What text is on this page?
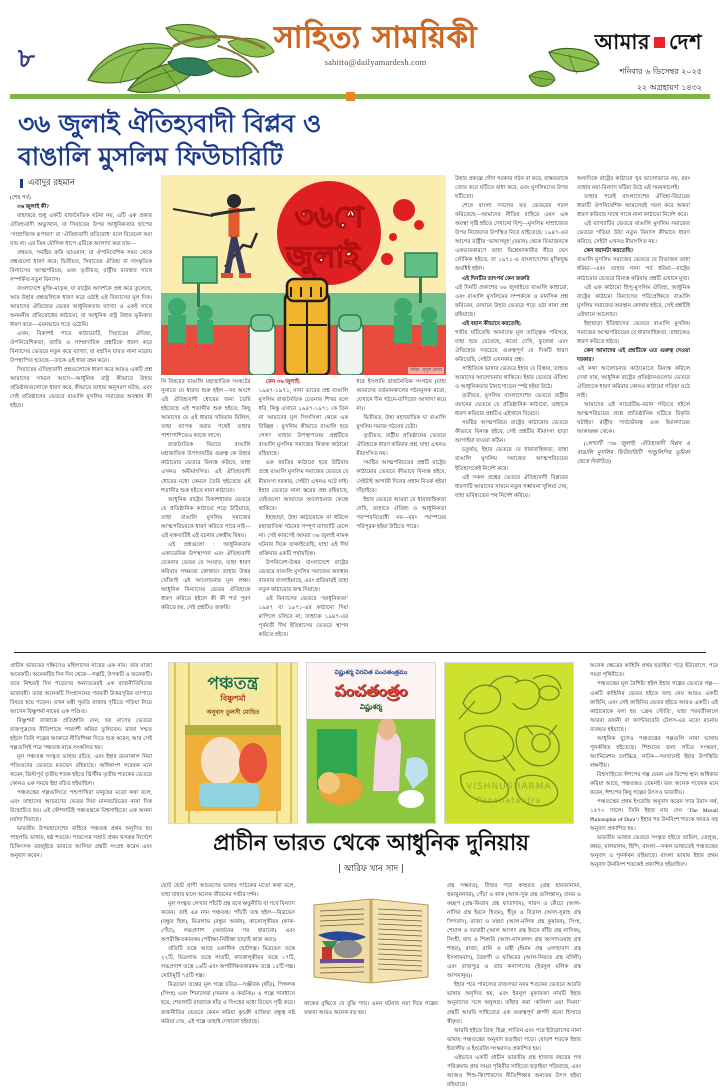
৮
সাহিত্য সাময়িকী
sahitto@dailyamardesh.com
আমার দেশ
শনিবার ৬ ডিসেম্বর ২০২৫
২২ অগ্রহায়ণ ১৪৩২
৩৬ জুলাই ঐতিহ্যবাদী বিপ্লব ও
বাঙালি মুসলিম ফিউচারিটি
এবাদুর রহমান

(শেষ পর্ব)

৩৬ জুলাই কী?

বাহাত্তরে শুধু একটি রাজনৈতিক ঘটনা নয়, এটি এক প্রকার ঐতিহ্যবাদী অভ্যুত্থান, যা সিরাতের উপর আধুনিকতার ছাপের ‘সাম্রাজ্যিক রূপায়ণ’ বা ‘ঐতিহ্যবাদী প্রতিরোধ’ বলে বিবেচনা করা যায় না। এর তিন মৌলিক ধাপে এটিকে আলাদা করা যায়—

প্রথমত, সমষ্টির ক্রমি ভাওয়ান, যা ঔপনিবেশিক সময় থেকে প্রশ্নগুলো ধারণ করে; দ্বিতীয়ত, সিরাতের ঐতিহ্য বা সাংস্কৃতিক বিন্যাসের আত্মপরিচয়; এবং তৃতীয়ত, রাষ্ট্রীয় ব্যবস্থার সাথে সম্পর্কিত নতুন বিন্যাস।

বাংলাদেশে মুক্তি-মাতৃক, যা রাষ্ট্রের আদর্শকে প্রশ্ন করে তুলেছে, আর উহার প্রশ্নগুলিকে ধারণ করে ওঠাই এই বিন্যাসের মূল দিক। আমাদের ঐতিহ্যের ভেতর আধুনিকতার ব্যাখ্যা ও একই সাথে অনমনীয় প্রতিরোধের কাঠামো, যা আধুনিক রাষ্ট্র উহার ভূমিকায় ধারণ করে—এমনভাবে গড়ে ওঠেনি।

এখন, বিকাশই পাবে কাঠামোটি, সিরাতের ঐতিহ্য, ঔপনিবেশিকতা, জাতি ও সাম্প্রদায়িক প্রশ্নটিকে ধারণ করে বিন্যাসের ভেতরে নতুন করে ব্যাখ্যা, যা বহুদিন যাবত নানা মাত্রায় উপস্থাপিত হয়েছে—তাকে এই ধারা বহন করে।

সিরাতের ঐতিহ্যবাদী প্রশ্নগুলোকে ধারণ করে আরও একটি প্রশ্ন আমাদের সামনে আসে—আধুনিক রাষ্ট্র কীভাবে উহার প্রতিষ্ঠানগুলোকে ধারণ করে, কীভাবে তাহার অনুসরণ ঘটায়, এবং সেই প্রতিষ্ঠানের ভেতরে বাঙালি মুসলিম সমাজের অবস্থান কী হইবে।

৩৬শে
জুলাই
আঁকা : মৃদুল রেজা

নি বিষয়ের বাঙালি মহাজাতিক সংকটের সুনাতে যে ধারাব শুরু হইল—সব অংশে এই ঐতিহ্যবাদী ধোরের জন্য তৈরি হইতেছে এই শতাব্দীর শুরু হইতে; কিছু আমাদের যে এই ধারার খতিয়ান মিলিল, তাহা ব্যাপক করার পথেই তাহার পাশাপাশিতেও কাজে লাগে।

রাজনৈতিক বিচারে বাঙালি মহাজাতিক উপাদানটির গুরুত্ব কে উহার কাঠামোর ভেতরে বিন্যস্ত করিবে, তাহা এখনও অমীমাংসিত। এই ঐতিহ্যবাদী ধোরের মধ্যে কেমনে তৈরি হইতেছে এই শতাব্দীর শুরু হইতে নানা কাঠামো।

আধুনিক রাষ্ট্রের বিকাশধারার ভেতরে যে প্রতিষ্ঠানিক কাঠামো গড়ে উঠিয়াছে, তাহা বাঙালি মুসলিম সমাজের আত্মপরিচয়কে ধারণ করিতে পারে নাই—এই বক্তব্যটিই এই রচনার কেন্দ্রীয় বিষয়।

এই প্রশ্নগুলো : আধুনিকতার একাডেমিক উপস্থাপনা এবং ঐতিহ্যবাদী চেতনার ভেতর যে সংঘাত, তাহা ধারণ করিবার সক্ষমতা কোথায়? তাহার উত্তর খোঁজাই এই আলোচনার মূল লক্ষ্য। আধুনিক বিন্যাসের ভেতর ঐতিহ্যকে ধারণ করিতে হইলে কী কী শর্ত পূরণ করিতে হয়, সেই প্রশ্নটিও জরুরি।

কেন ৩৬ জুলাই:

১৯৪৭-১৯৭১, নানা ভাবের প্রশ্ন বাঙালি মুসলিম রাজনৈতিক চেতনার শিখর বলে ধরি, কিন্তু এখানে ১৯৪৭-১৯৭১ কে তিন না আমাদের মূল সিলসিলা থেকে এক বিচ্ছিন্ন : মুসলিম কীভাবে বাঙালি হয়ে গেল? তাহার উপস্থাপনের প্রশ্নটিতে বাঙালি মুসলিম সমাজের নিজস্ব কাঠামো রহিয়াছে।

এক জাতির কাঠামো হয়ে উঠিবার প্রশ্নে বাঙালি মুসলিম সমাজের ভেতরে যে মীমাংসা দরকার, সেইটা এখনও ঘটে নাই। ইহার ভেতরে নানা স্তরের প্রশ্ন রহিয়াছে, যেইগুলো আমাদের আলোচনার কেন্দ্রে থাকিবে।

ইহাছাড়া, উহা কাঠামোকে না ধরিলে মহাজাতিক গঠনের সম্পূর্ণ ব্যাখ্যাটি মেলে না। সেই কারণেই আমরা ৩৬ জুলাই নামক ঘটনার দিকে তাকাইতেছি, যাহা এই দীর্ঘ প্রক্রিয়ার একটি পর্যায়চিহ্ন।

উপনিবেশ-উত্তর বাংলাদেশে রাষ্ট্রের ভেতরে বাঙালি মুসলিম সমাজের অবস্থান বারবার বদলাইয়াছে, এবং প্রতিবারই তাহা নতুন কাঠামোর জন্ম দিয়াছে।

এই বিন্যাসের ভেতরে ‘আধুনিকতা’ ১৯৪৭ বা ১৯৭১-এর কাঠামো দিয়া মাপিলে চলিবে না; তাহাকে ১৯৪৭-এর পূর্ববর্তী দীর্ঘ ইতিহাসের ভেতরে স্থাপন করিতে হইবে।

ধরে ইসলামি রাজনৈতিক সংগঠন (যাহা আমাদের বর্তমানকালের গঠনমূলক মতো, যেখানে দীন গঠনে-বাণিজ্যে আলাদা করে না)।

দ্বিতীয়ত, উহা মহাজাতিক যা বাঙালি মুসলিম সমাজ গঠনের চেষ্টা।

তৃতীয়ত, রাষ্ট্রীয় প্রতিষ্ঠানের ভেতরে ঐতিহ্যকে ধারণ করিবার প্রশ্ন, যাহা এখনও মীমাংসিত নয়।

সমষ্টির আত্মপরিচয়ের প্রশ্নটি রাষ্ট্রের কাঠামোর ভেতরে কীভাবে বিন্যস্ত হইবে, সেইটাই আগামী দিনের প্রধান বিতর্ক হইয়া দাঁড়াইবে।

ইহার ভেতরে আমরা যে ধারাবাহিকতা দেখি, তাহাতে ঐতিহ্য ও আধুনিকতা পরস্পরবিরোধী নয়—বরং পরস্পরের পরিপূরক হইয়া উঠিতে পারে।

উহার প্রকল্পে গৌণ সরকার গঠন বা করে, বাস্তবতাকে জোর করে ঘটিতে বাধা করে; এবং মুসলিমদের উপর ঘটিতো।

শেষে বাংলা দখলের মত ভেতরের সরল করিতেছে—আমাদের নীতির বাহিরে এমন এক অবস্থা সৃষ্টি হইতে দেখানো বিন্দু—মুসলিম সাম্রাজ্যের উপর নিজেদের উপস্থিত নিয়ে যাইতেছে/ ১৯৪৭-এর আগের রাষ্ট্রীয় ‘ভাষ্যসমূহ’ (বয়ান) থেকে বিভাজনকে একভাবকারণে তাহা বিশ্লেষণকারীর ধীরে ভেদ লৌকিক হইতে, যা ১৯৭১-এ বাংলাদেশের মুক্তিযুদ্ধ অবধিই হইল।

এই দিনটির তাৎপর্য কেন জরুরি

এই দিনটি প্রকাশের ৩৬ জুলাইতে বাঙালি কাহারো, এবং বাঙালি মুসলিমের সম্পর্ককে ও মানসিক প্রশ্ন করিবেন, যেখানে উহার ভেতরে গড়ে ওঠা নানা প্রশ্ন রহিয়াছে।

এই বয়ান কীভাবে করতেছি:

গভীর ঘটিতেছি আমাদের মূল তাত্ত্বিক পরিসরে, যাহা হয়ে যেতেছে, কতো দেখি, ফুলেরা এবং ঐতিহ্যের সবচেয়ে গুরুত্বপূর্ণ যে দিকটি ধারণ করিতেছি, সেইটা এখনকার প্রশ্ন।

সাহিত্যিক ভাষার ভেতরে ইহার যে বিস্তার, তাহাও আমাদের আলোচনায় থাকিবে। ইহার ভেতরে ঐতিহ্য ও আধুনিকতার টানাপোড়েন স্পষ্ট হইয়া উঠে।

তৃতীয়ত, মুসলিম বাংলাদেশের ভেতরে রাষ্ট্রীয় বয়ানের ভেতরে যে প্রতিষ্ঠানিক কাঠামো, তাহাকে ধারণ করিবার প্রশ্নটিও এইখানে বিবেচ্য।

সমষ্টির আত্মপরিচয় রাষ্ট্রের কাঠামোর ভেতরে কীভাবে বিন্যস্ত হইবে, সেই প্রশ্নটির মীমাংসা ছাড়া আগাইয়া যাওয়া কঠিন।

চতুর্থত, ইহার ভেতরে যে ধারাবাহিকতা, তাহা বাঙালি মুসলিম সমাজের আত্মপরিচয়ের ইতিহাসকেই নির্দেশ করে।

এই সকল প্রশ্নের ভেতরে ঐতিহ্যবাদী বিপ্লবের ধারণাটি আমাদের সামনে নতুন সম্ভাবনা খুলিয়া দেয়, যাহা ভবিষ্যতের পথ নির্দেশ করিবে।

অন্যদিকে রাষ্ট্রের কাঠামো খুব ভালোভাবে নয়, বরং তাহার নয়া-বিন্যাস ঘটিয়া উঠে এই সময়কালেই।

তাহার পরেই বাংলাদেশের ঐতিহ্য-বিচারের ধারাটি ঔপনিবেশিক আমলেরই সরল করে অথবা ধারণ করিবার সাথে সাথে নানা কাঠামো নির্দেশ করে।

এই ব্যাখ্যাটির ভেতরে বাঙালি মুসলিম সমাজের ভেতরে গড়িয়া উঠা নতুন বিন্যাস কীভাবে ধারণ করিবে, সেইটা এখনও মীমাংসিত নয়।

কেন বয়ানটা করতেছি?

বাঙালি মুসলিম সমাজের ভেতরে যে বিভাজন তাহা ধরিয়া—এবং তাহার নানা পর্ব ধরিয়া—রাষ্ট্রের কাঠামোর ভেতরে বিন্যস্ত করিবার প্রশ্নটি এখানে মুখ্য।

এই এক কাঠামো হিন্দু-মুসলিম ঐতিহ্য, আধুনিক রাষ্ট্রের কাঠামো বিন্যাসের পরিপ্রেক্ষিতে বাঙালি মুসলিম সমাজের অবস্থান কোথায় হইবে, সেই প্রশ্নটিই এইখানে আলোচ্য।

ইহাছাড়া ইতিহাসের ভেতরে বাঙালি মুসলিম সমাজের আত্মপরিচয়ের যে ধারাবাহিকতা, তাহাকেও ধারণ করিতে হইবে।

কেন আমাদের এই প্রশ্নটিকে এত গুরুত্ব দেওয়া দরকার?

এই কথা আলোচনার কাঠামোতে বিন্যস্ত করিলে দেখা যায়, আধুনিক রাষ্ট্রের প্রতিষ্ঠানগুলোর ভেতরে ঐতিহ্যকে ধারণ করিবার কোনও কাঠামো গড়িয়া ওঠে নাই।

আমাদের এই ন্যারেটিভ-বয়ান গড়িতে হইলে আত্মপরিচয়ের প্রশ্নে প্রাতিষ্ঠানিক ঘটিতে বিকৃতি ঘটাইয়া রাষ্ট্রীয় সার্বভৌমত্ব এবং ইমানদারের আকাঙ্ক্ষা থেকে।

(লেখাটি ‘৩৬ জুলাই: ঐতিহ্যবাদী বিপ্লব ও বাঙালি মুসলিম ফিউচারিটি’ পাণ্ডুলিপির ভূমিকা থেকে নির্বাচিত)

প্রাচীন ভারতের দক্ষিণেও মহিলাদের নামের এক নাম। তার রাজা অনেকটি। অনেকটির দিন দিন থেকে—গল্পটি, উপকটি ও অনেকটি। তবে নিশ্চয়ই দিন পড়েদের অন্যতমেরই এক রাজনীতিবিদের ভাবাবহী। তারা অনেকটি সিংহাসনের পরবর্তী উত্তরসূরির ব্যাপারে বিষয়ে হয়ে পড়েন। তখন মন্ত্রী সুমতি রাজার দৃষ্টিতে পড়িয়া নিয়ে আসেন বিষ্ণুশর্মা নামের এক পণ্ডিত।

বিষ্ণুশর্মা রাজাকে প্রতিশ্রুতি দেন, ছয় মাসের ভেতরে রাজপুত্রদের নীতিশাস্ত্রে পারদর্শী করিয়া তুলিবেন। রাজা সম্মত হইলে তিনি গল্পের আকারে নীতিশিক্ষা দিতে শুরু করেন, আর সেই গল্পগুলিই পরে পঞ্চতন্ত্র নামে সংকলিত হয়।

মূল পঞ্চতন্ত্র সংস্কৃত ভাষায় রচিত, এবং ইহার রচনাকাল নিয়া পণ্ডিতদের ভেতরে মতভেদ রহিয়াছে। অধিকাংশ গবেষক মনে করেন, খ্রিস্টপূর্ব তৃতীয় শতক হইতে খ্রিস্টীয় তৃতীয় শতকের ভেতরে কোনও এক সময়ে ইহা রচিত হইয়াছিল।

পঞ্চতন্ত্রের গল্পগুলিতে পশুপাখিরা মানুষের মতো কথা বলে, এবং তাহাদের আচরণের ভেতর দিয়া মানবচরিত্রের নানা দিক উন্মোচিত হয়। এই কৌশলটিই পঞ্চতন্ত্রকে বিশ্বসাহিত্যে এক অনন্য মর্যাদা দিয়াছে।

ভারতীয় উপমহাদেশের বাহিরে পঞ্চতন্ত্র প্রথম অনূদিত হয় পাহলভি ভাষায়, ষষ্ঠ শতকে। পারস্যের সম্রাট প্রথম খসরুর নির্দেশে চিকিৎসক বরজুইয়ে ভারতে আসিয়া গ্রন্থটি সংগ্রহ করেন এবং অনুবাদ করেন।

পঞ্চতন্ত্র
বিষ্ণুশর্মা
অনুবাদ তুলসী মোহিত
విష్ణుశర్మ విరచిత పంచతంత్రము
పంచతంత్రం
విష్ణుశర్మ
VISHNUSHARMA
Panchatantra
প্রাচীন ভারত থেকে আধুনিক দুনিয়ায়
| আরিফ খান সাদ |

ছোট ছোট প্রাণী আচরণের ভাষার পাঠকের মতো কথা বলে, যাহা যাহার ফলে অনেক জীবনের গভীর দর্শন।

মূল সংস্কৃত লেখার পাঁচটি গ্রন্থ রথে ঋতুনীতি বা পর্বে বিন্যাস করেন। তাই এর নাম পঞ্চতন্ত্র। পাঁচটি তন্ত্র হইল—মিত্রভেদ (বন্ধুর ছিন্ন), মিত্রলাভ (বন্ধুর অর্জন), কাকোলূকীয়ম (কাক-পেঁচা), লব্ধপ্রণাশ (অর্জনের পর হারানো) এবং অপরীক্ষিতকারকম (পরীক্ষা-নিরীক্ষা ছাড়াই কাজ করা)।

প্রতিটি তন্ত্রে আছে একাধিক ছোটগল্প। মিত্রভেদ তন্ত্রে ২২টি, মিত্রলাভ তন্ত্রে সাতটি, কাকোলূকীয়ম তন্ত্রে ১৭টি, লব্ধপ্রণাশ তন্ত্রে ১৬টি এবং অপরীক্ষিতকারকম তন্ত্রে ১৫টি গল্প। মোটামুটি ৭৫টি গল্প।

মিত্রভেদ তন্ত্রের মূল গল্পে চরিত্র—সঞ্জীবক (ষাঁড়), পিঙ্গলক (সিংহ) এবং শিয়ালেরা (দমনক ও করটক)। এ গল্পে সাবধানে হয়ে, শেয়ালটি রাজাকে ষাঁড় ও সিংহের মধ্যে বিভেদ সৃষ্টি করে। রাজনীতির ভেতরে কেমন করিয়া কুচক্রী ব্যক্তিরা বন্ধুত্ব নষ্ট করিয়া দেয়, এই গল্পে তাহাই দেখানো হইয়াছে।

কাকের বুদ্ধিতে যে বুঝি পায়। এমন ঘটনার নয়া দিয়ে গল্পের বক্তব্য আরও অনেক বড় হয়।

গ্রন্থ সম্ভবত), যীশুর পড়া কাহুরত (গ্রন্থ হামজানামা, হুমায়ুননামা), পেঁচা ও কাক (আল-সুফ গ্রন্থ গুলিস্তান), বানর ও কচ্ছপ (গ্রন্থ-কিতাব গ্রন্থ ফাতাদাম), সারস ও কেঁচো (আল-নাসির গ্রন্থ ইবনে হিতম), ইঁদুর ও বিড়াল (আল-সুরাহ গ্রন্থ সিন্দবাদ), রাজা ও মহুয়া (আল-মলিক গ্রন্থ কুমারন), সিংহ, শেয়াল ও দরবারী (আল আসাদ গ্রন্থ ইবনে ষাঁড়ি গ্রন্থ নাসিক), সিংহী, বাঘ ও শিকারি (আল-নাসরুলদ গ্রন্থ আসাদওয়াহ গ্রন্থ শাহর), রাজা, রানি ও মন্ত্রী (ইমাম গ্রন্থ এলাহাবাদ গ্রন্থ ইসলামবাদ), বৈরাগী ও ফকিরের (আল-নিয়্যত গ্রন্থ মণিনী) এবং রাজপুত্র ও তার কন্যাগণের (ইবনুল মলিক গ্রন্থ আসমানুর)।

ইহার পরে পারস্যের রাজসভা নবম শতকের ভেতরে আরবি ভাষায় অনূদিত হয়, এবং ইবনুল মুকাফফা নামটি ইহার অনুবাদের সঙ্গে অনুলগ্ন। তাঁহার করা ‘কলিলা ওয়া দিমনা’ গ্রন্থটি আরবি সাহিত্যের এক গুরুত্বপূর্ণ ধ্রুপদী রচনা হিসাবে স্বীকৃত।

আরবি হইতে গ্রিক, হিব্রু, লাতিন এবং পরে ইউরোপের নানা ভাষায় পঞ্চতন্ত্রের অনুবাদ ছড়াইয়া পড়ে। ষোড়শ শতকে ইহার ইতালীয় ও ইংরেজি সংস্করণও প্রকাশিত হয়।

এইভাবে একটি প্রাচীন ভারতীয় গ্রন্থ হাজার বছরের পথ পরিক্রমায় প্রায় সমগ্র পৃথিবীর সাহিত্যে ছড়াইয়া পড়িয়াছে, এবং আজও শিশু-কিশোরদের নীতিশিক্ষার অন্যতম উৎস হইয়া রহিয়াছে।

অনেক ক্ষেত্রের কাহিনি প্রথম ছড়াইয়া পড়ে ইউরোপে, পরে সমগ্র পৃথিবীতে।

পঞ্চতন্ত্রের মূল বৈশিষ্ট্য হইল ইহার গল্পের ভেতরে গল্প—একটি কাহিনির ভেতর হইতে জন্ম নেয় আরও একটি কাহিনি, এবং সেই কাহিনির ভেতর হইতে আরও একটি। এই কাঠামোকে বলা হয় ‘ফ্রেম স্টোরি’, যাহা পরবর্তীকালে আরব্য রজনী বা ক্যান্টারবেরি টেলস-এর মতো রচনায় ব্যবহৃত হইয়াছে।

আধুনিক যুগেও পঞ্চতন্ত্রের গল্পগুলি নানা ভাষায় পুনর্কথিত হইতেছে। শিশুদের জন্য সচিত্র সংস্করণ, অ্যানিমেশন চলচ্চিত্র, নাটক—সবখানেই ইহার উপস্থিতি লক্ষণীয়।

বিশ্বসাহিত্যে ঈশপের গল্প যেমন এক বিশেষ স্থান অধিকার করিয়া আছে, পঞ্চতন্ত্রও তেমনই। বরং অনেক গবেষক মনে করেন, ঈশপের কিছু গল্পের উৎসও ভারতীয়।

পঞ্চতন্ত্রের প্রথম ইংরেজি অনুবাদ করেন স্যার টমাস নর্থ, ১৫৭০ সালে। তিনি ইহার নাম দেন ‘The Morall Philosophie of Doni’। ইহার পর উনবিংশ শতকে আরও বহু অনুবাদ প্রকাশিত হয়।

ভারতীয় ভাষার ভেতরে সংস্কৃত হইতে তামিল, তেলুগু, কন্নড়, মালয়ালম, হিন্দি, বাংলা—সকল ভাষাতেই পঞ্চতন্ত্রের অনুবাদ ও পুনর্কথন রহিয়াছে। বাংলা ভাষায় ইহার প্রথম অনুবাদ উনবিংশ শতকেই প্রকাশিত হইয়াছিল।
